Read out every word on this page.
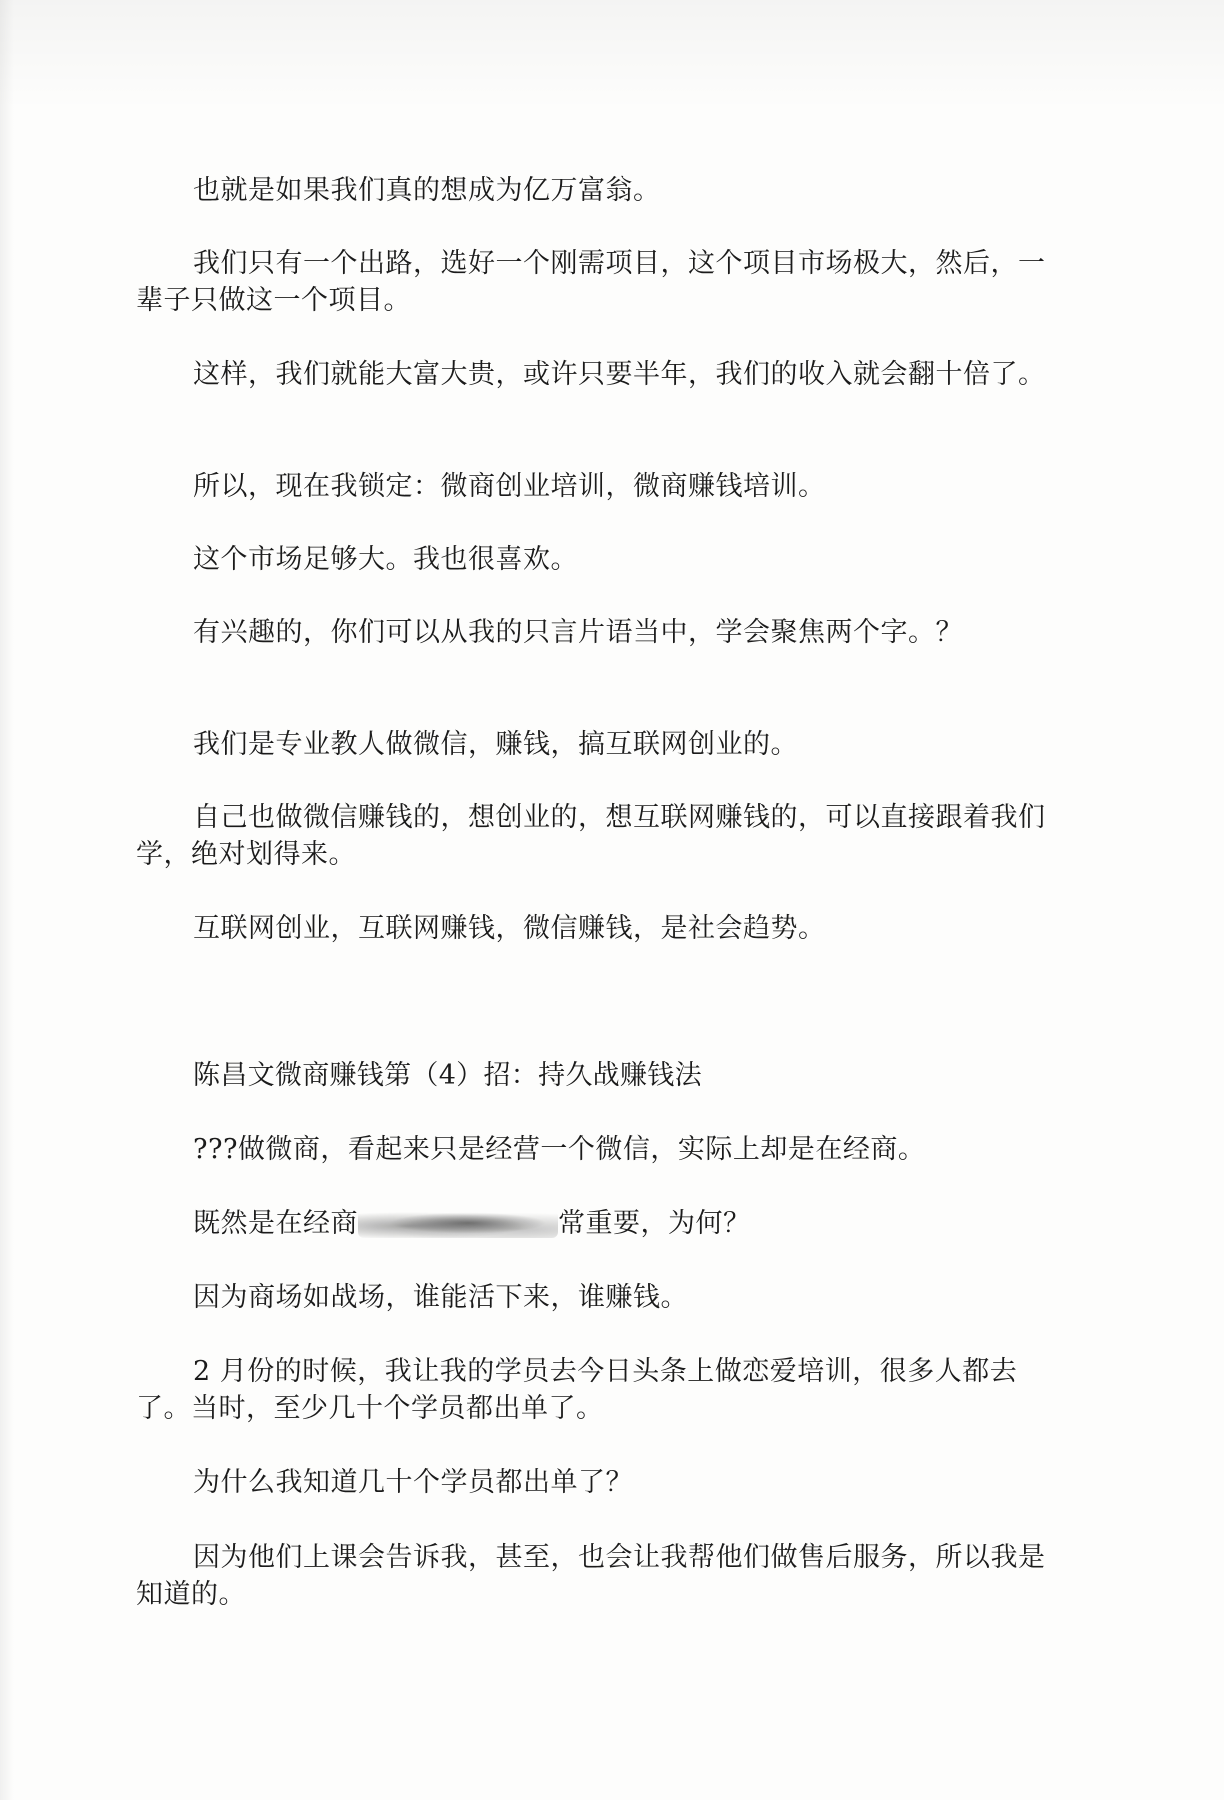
也就是如果我们真的想成为亿万富翁。

我们只有一个出路，选好一个刚需项目，这个项目市场极大，然后，一辈子只做这一个项目。

这样，我们就能大富大贵，或许只要半年，我们的收入就会翻十倍了。

所以，现在我锁定：微商创业培训，微商赚钱培训。

这个市场足够大。我也很喜欢。

有兴趣的，你们可以从我的只言片语当中，学会聚焦两个字。？

我们是专业教人做微信，赚钱，搞互联网创业的。

自己也做微信赚钱的，想创业的，想互联网赚钱的，可以直接跟着我们学，绝对划得来。

互联网创业，互联网赚钱，微信赚钱，是社会趋势。

陈昌文微商赚钱第（4）招：持久战赚钱法

???做微商，看起来只是经营一个微信，实际上却是在经商。

既然是在经商	常重要，为何？

因为商场如战场，谁能活下来，谁赚钱。

2 月份的时候，我让我的学员去今日头条上做恋爱培训，很多人都去了。当时，至少几十个学员都出单了。

为什么我知道几十个学员都出单了？

因为他们上课会告诉我，甚至，也会让我帮他们做售后服务，所以我是知道的。
